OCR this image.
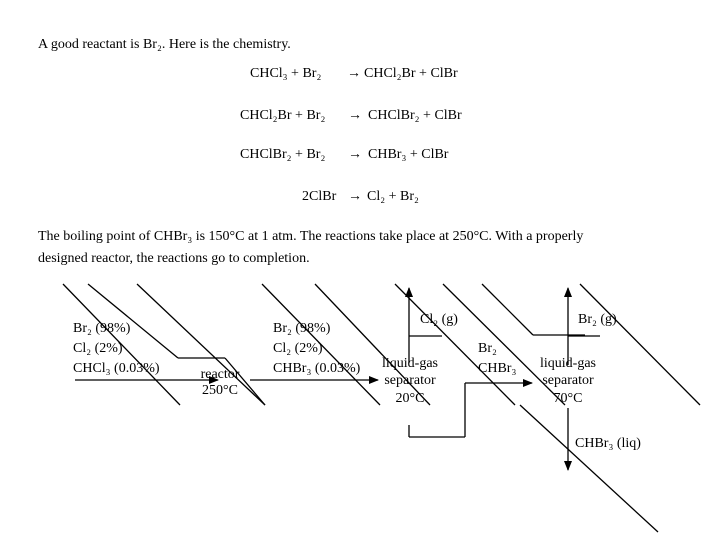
A good reactant is Br₂. Here is the chemistry.
CHCl₃ + Br₂ → CHCl₂Br + ClBr
CHCl₂Br + Br₂ → CHClBr₂ + ClBr
CHClBr₂ + Br₂ → CHBr₃ + ClBr
2ClBr → Cl₂ + Br₂
The boiling point of CHBr₃ is 150°C at 1 atm. The reactions take place at 250°C. With a properly
designed reactor, the reactions go to completion.
Br₂ (98%)
Cl₂ (2%)
CHCl₃ (0.03%)	reactor
250°C
Br₂ (98%)
Cl₂ (2%)
CHBr₃ (0.03%) liquid-gas
separator
20°C
Cl₂ (g)
Br₂
CHBr₃ liquid-gas
separator
70°C
Br₂ (g)
CHBr₃ (liq)
